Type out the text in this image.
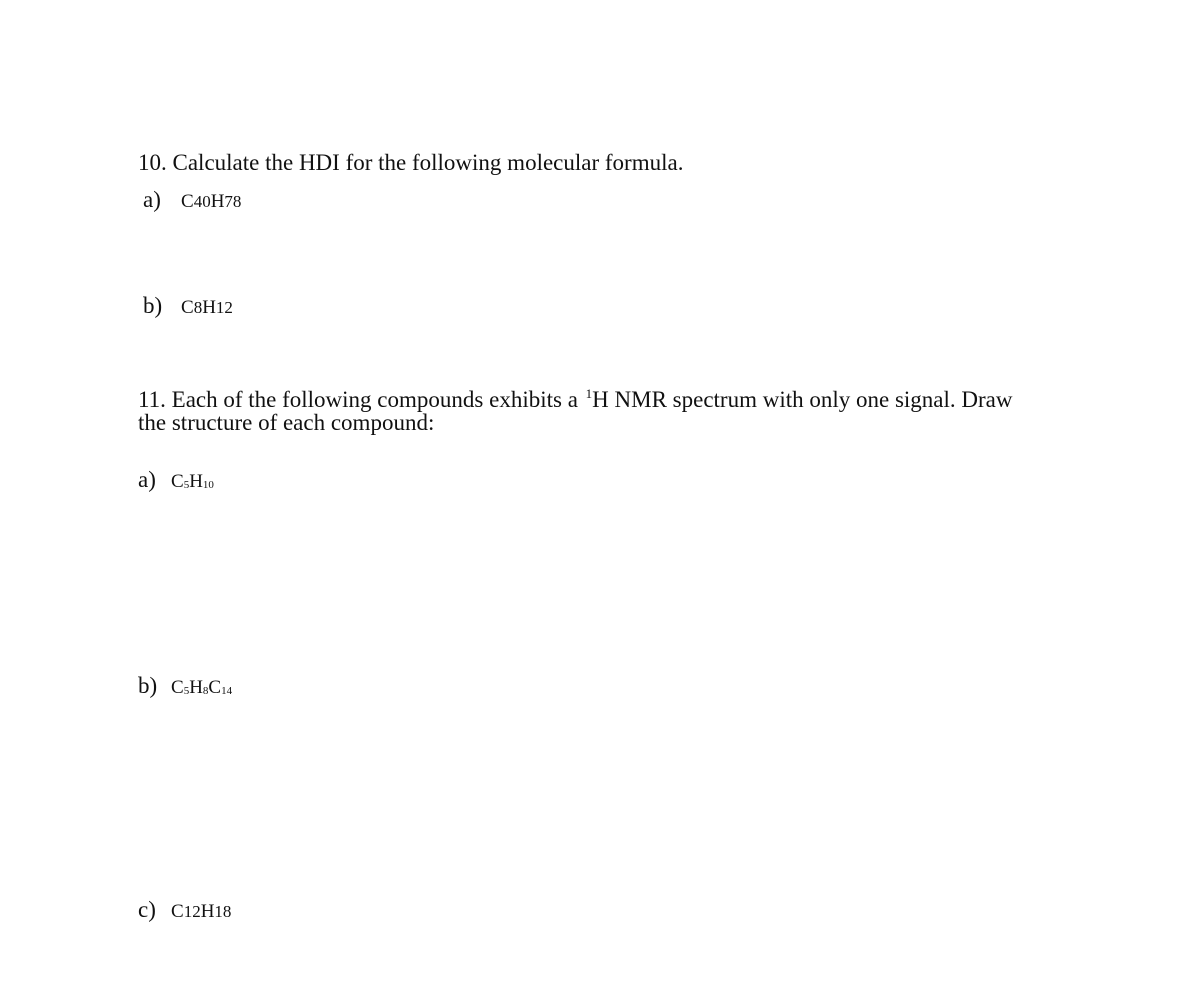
10. Calculate the HDI for the following molecular formula.
a) C40H78
b) C8H12
11. Each of the following compounds exhibits a $^1$H NMR spectrum with only one signal. Draw
the structure of each compound:
a) C5H10
b) C5H8C14
c) C12H18
